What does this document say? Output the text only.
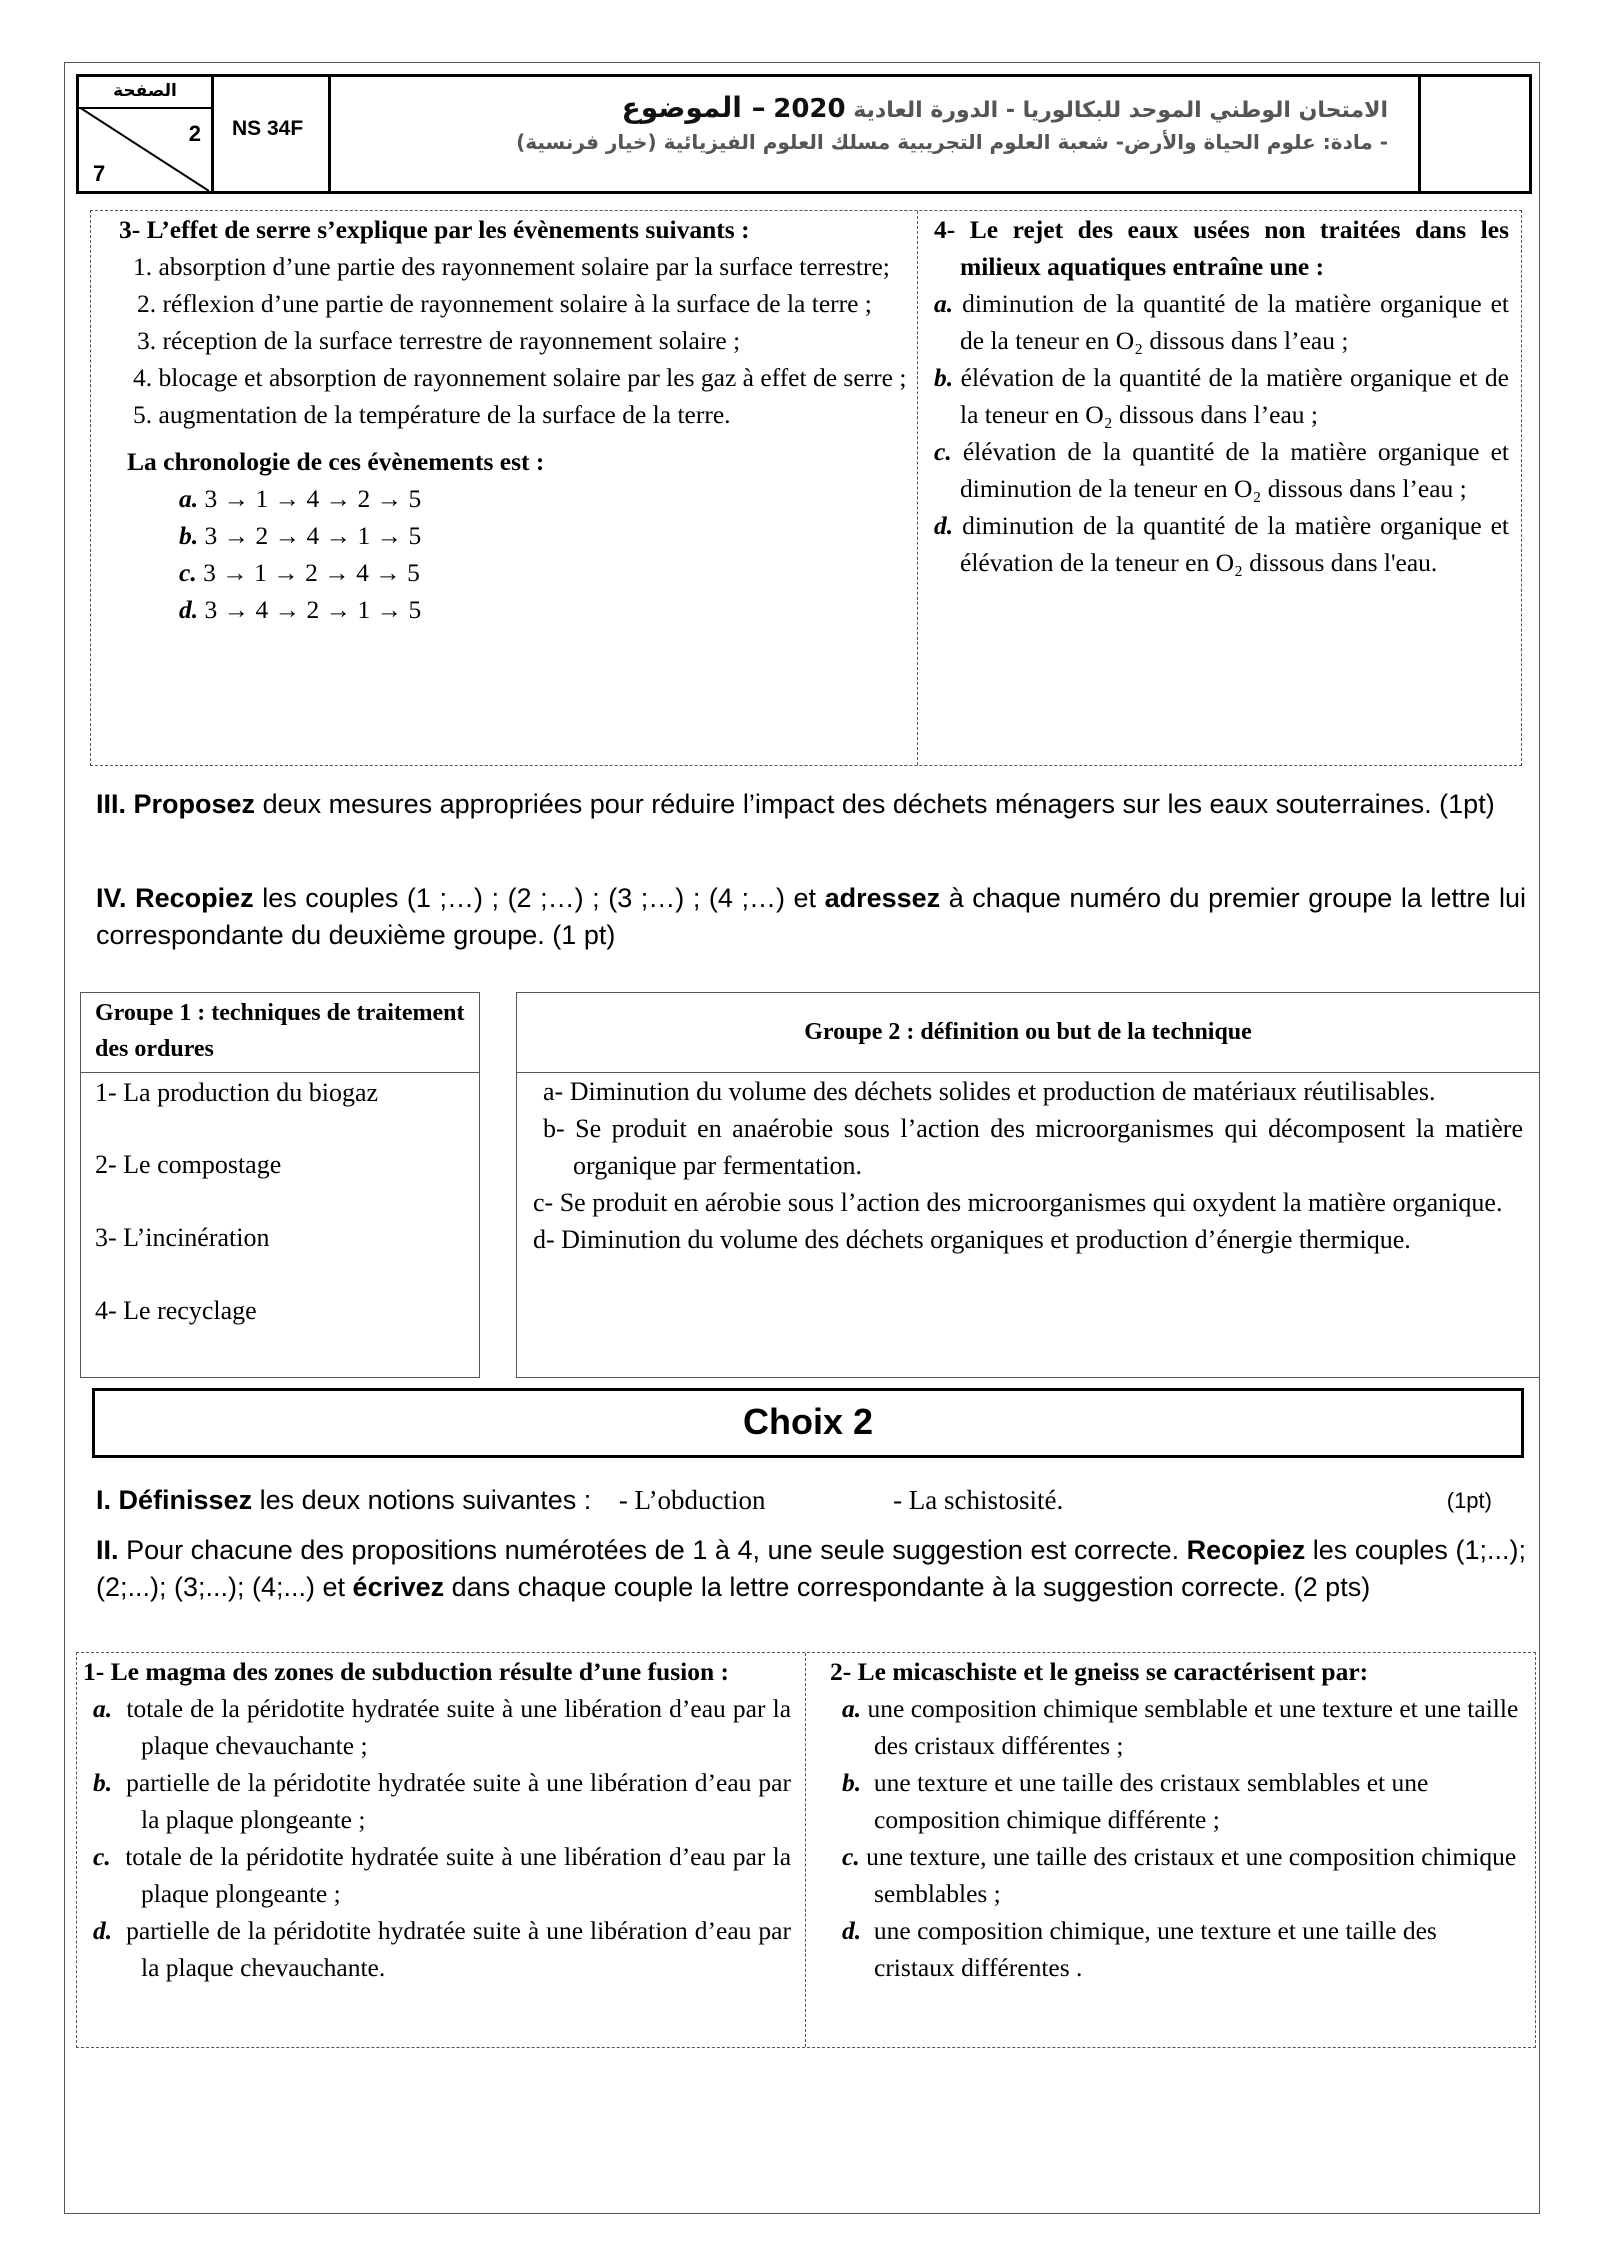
الصفحة
2
7
NS 34F
الامتحان الوطني الموحد للبكالوريا - الدورة العادية 2020 – الموضوع
- مادة: علوم الحياة والأرض- شعبة العلوم التجريبية مسلك العلوم الفيزيائية (خيار فرنسية)
3- L’effet de serre s’explique par les évènements suivants :
1. absorption d’une partie des rayonnement solaire par la surface terrestre;
2. réflexion d’une partie de rayonnement solaire à la surface de la terre ;
3. réception de la surface terrestre de rayonnement solaire ;
4. blocage et absorption de rayonnement solaire par les gaz à effet de serre ;
5. augmentation de la température de la surface de la terre.
La chronologie de ces évènements est :
a. 3 → 1 → 4 → 2 → 5
b. 3 → 2 → 4 → 1 → 5
c. 3 → 1 → 2 → 4 → 5
d. 3 → 4 → 2 → 1 → 5
4- Le rejet des eaux usées non traitées dans les milieux aquatiques entraîne une :
a. diminution de la quantité de la matière organique et de la teneur en O₂ dissous dans l’eau ;
b. élévation de la quantité de la matière organique et de la teneur en O₂ dissous dans l’eau ;
c. élévation de la quantité de la matière organique et diminution de la teneur en O₂ dissous dans l’eau ;
d. diminution de la quantité de la matière organique et élévation de la teneur en O₂ dissous dans l'eau.
III. Proposez deux mesures appropriées pour réduire l’impact des déchets ménagers sur les eaux souterraines. (1pt)
IV. Recopiez les couples (1 ;…) ; (2 ;…) ; (3 ;…) ; (4 ;…) et adressez à chaque numéro du premier groupe la lettre lui correspondante du deuxième groupe. (1 pt)
Groupe 1 : techniques de traitement des ordures
1- La production du biogaz
2- Le compostage
3- L’incinération
4- Le recyclage
Groupe 2 : définition ou but de la technique
a- Diminution du volume des déchets solides et production de matériaux réutilisables.
b- Se produit en anaérobie sous l’action des microorganismes qui décomposent la matière organique par fermentation.
c- Se produit en aérobie sous l’action des microorganismes qui oxydent la matière organique.
d- Diminution du volume des déchets organiques et production d’énergie thermique.
Choix 2
I. Définissez les deux notions suivantes : - L’obduction	- La schistosité.	(1pt)
II. Pour chacune des propositions numérotées de 1 à 4, une seule suggestion est correcte. Recopiez les couples (1;...); (2;...); (3;...); (4;...) et écrivez dans chaque couple la lettre correspondante à la suggestion correcte. (2 pts)
1- Le magma des zones de subduction résulte d’une fusion :
a. totale de la péridotite hydratée suite à une libération d’eau par la plaque chevauchante ;
b. partielle de la péridotite hydratée suite à une libération d’eau par la plaque plongeante ;
c. totale de la péridotite hydratée suite à une libération d’eau par la plaque plongeante ;
d. partielle de la péridotite hydratée suite à une libération d’eau par la plaque chevauchante.
2- Le micaschiste et le gneiss se caractérisent par:
a. une composition chimique semblable et une texture et une taille des cristaux différentes ;
b. une texture et une taille des cristaux semblables et une composition chimique différente ;
c. une texture, une taille des cristaux et une composition chimique semblables ;
d. une composition chimique, une texture et une taille des cristaux différentes .
